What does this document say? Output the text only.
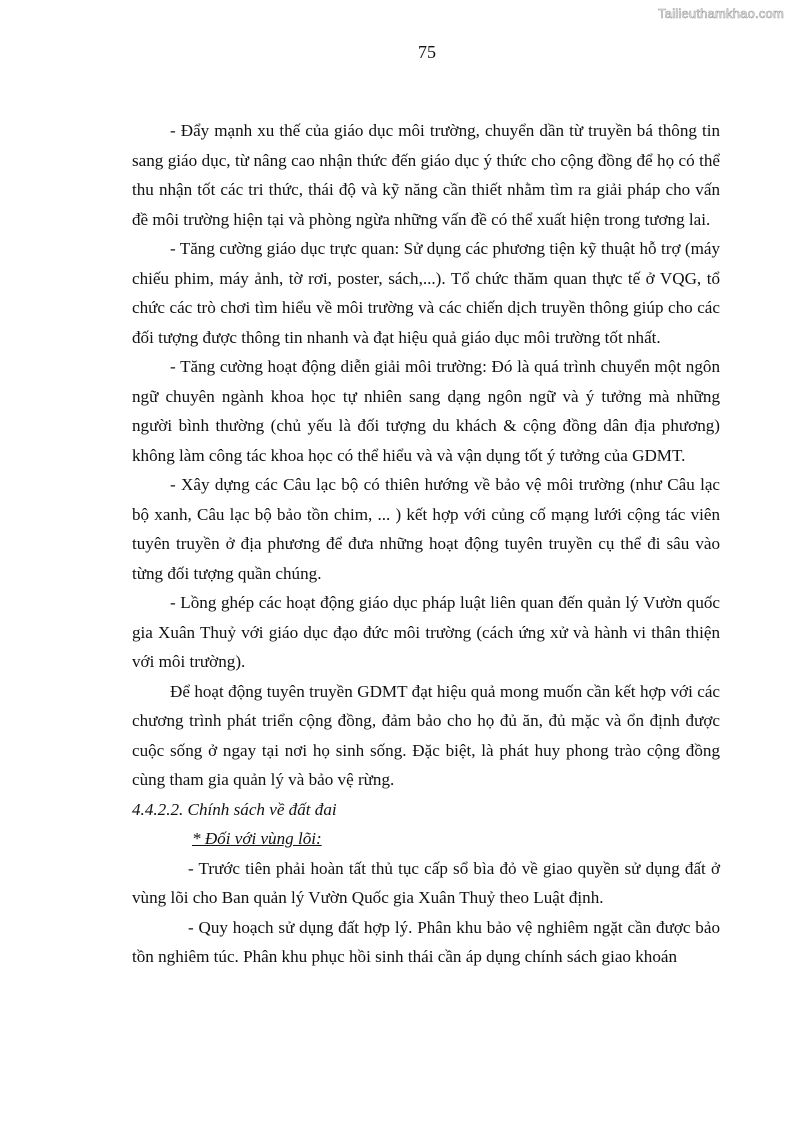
Tailieuthamkhao.com
75

- Đẩy mạnh xu thế của giáo dục môi trường, chuyển dần từ truyền bá thông tin sang giáo dục, từ nâng cao nhận thức đến giáo dục ý thức cho cộng đồng để họ có thể thu nhận tốt các tri thức, thái độ và kỹ năng cần thiết nhằm tìm ra giải pháp cho vấn đề môi trường hiện tại và phòng ngừa những vấn đề có thể xuất hiện trong tương lai.

- Tăng cường giáo dục trực quan: Sử dụng các phương tiện kỹ thuật hỗ trợ (máy chiếu phim, máy ảnh, tờ rơi, poster, sách,...). Tổ chức thăm quan thực tế ở VQG, tổ chức các trò chơi tìm hiểu về môi trường và các chiến dịch truyền thông giúp cho các đối tượng được thông tin nhanh và đạt hiệu quả giáo dục môi trường tốt nhất.

- Tăng cường hoạt động diễn giải môi trường: Đó là quá trình chuyển một ngôn ngữ chuyên ngành khoa học tự nhiên sang dạng ngôn ngữ và ý tưởng mà những người bình thường (chủ yếu là đối tượng du khách & cộng đồng dân địa phương) không làm công tác khoa học có thể hiểu và và vận dụng tốt ý tưởng của GDMT.

- Xây dựng các Câu lạc bộ có thiên hướng về bảo vệ môi trường (như Câu lạc bộ xanh, Câu lạc bộ bảo tồn chim, ... ) kết hợp với củng cố mạng lưới cộng tác viên tuyên truyền ở địa phương để đưa những hoạt động tuyên truyền cụ thể đi sâu vào từng đối tượng quần chúng.

- Lồng ghép các hoạt động giáo dục pháp luật liên quan đến quản lý Vườn quốc gia Xuân Thuỷ với giáo dục đạo đức môi trường (cách ứng xử và hành vi thân thiện với môi trường).

Để hoạt động tuyên truyền GDMT đạt hiệu quả mong muốn cần kết hợp với các chương trình phát triển cộng đồng, đảm bảo cho họ đủ ăn, đủ mặc và ổn định được cuộc sống ở ngay tại nơi họ sinh sống. Đặc biệt, là phát huy phong trào cộng đồng cùng tham gia quản lý và bảo vệ rừng.

4.4.2.2. Chính sách về đất đai
* Đối với vùng lõi:

- Trước tiên phải hoàn tất thủ tục cấp sổ bìa đỏ về giao quyền sử dụng đất ở vùng lõi cho Ban quản lý Vườn Quốc gia Xuân Thuỷ theo Luật định.

- Quy hoạch sử dụng đất hợp lý. Phân khu bảo vệ nghiêm ngặt cần được bảo tồn nghiêm túc. Phân khu phục hồi sinh thái cần áp dụng chính sách giao khoán
